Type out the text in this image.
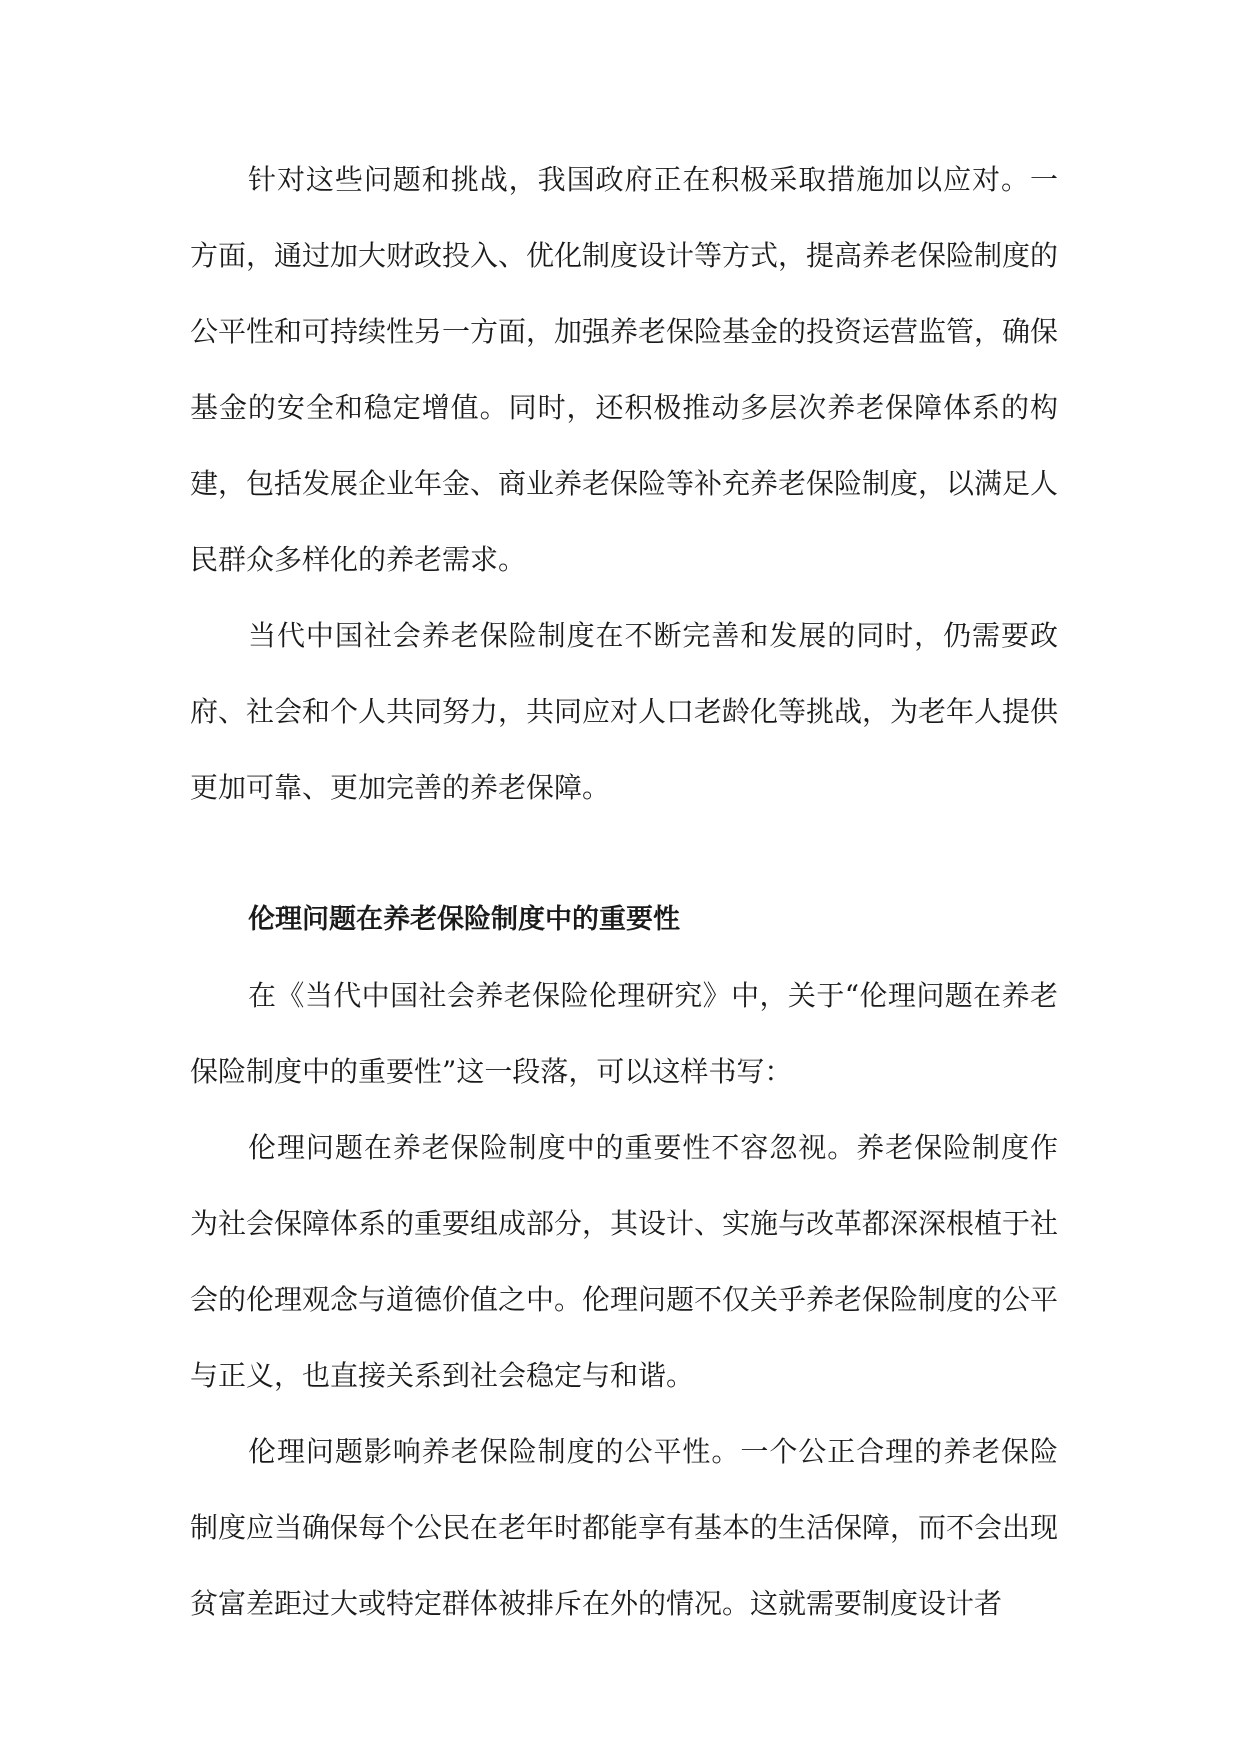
针对这些问题和挑战，我国政府正在积极采取措施加以应对。一方面，通过加大财政投入、优化制度设计等方式，提高养老保险制度的公平性和可持续性另一方面，加强养老保险基金的投资运营监管，确保基金的安全和稳定增值。同时，还积极推动多层次养老保障体系的构建，包括发展企业年金、商业养老保险等补充养老保险制度，以满足人民群众多样化的养老需求。

当代中国社会养老保险制度在不断完善和发展的同时，仍需要政府、社会和个人共同努力，共同应对人口老龄化等挑战，为老年人提供更加可靠、更加完善的养老保障。

伦理问题在养老保险制度中的重要性

在《当代中国社会养老保险伦理研究》中，关于“伦理问题在养老保险制度中的重要性”这一段落，可以这样书写：

伦理问题在养老保险制度中的重要性不容忽视。养老保险制度作为社会保障体系的重要组成部分，其设计、实施与改革都深深根植于社会的伦理观念与道德价值之中。伦理问题不仅关乎养老保险制度的公平与正义，也直接关系到社会稳定与和谐。

伦理问题影响养老保险制度的公平性。一个公正合理的养老保险制度应当确保每个公民在老年时都能享有基本的生活保障，而不会出现贫富差距过大或特定群体被排斥在外的情况。这就需要制度设计者
